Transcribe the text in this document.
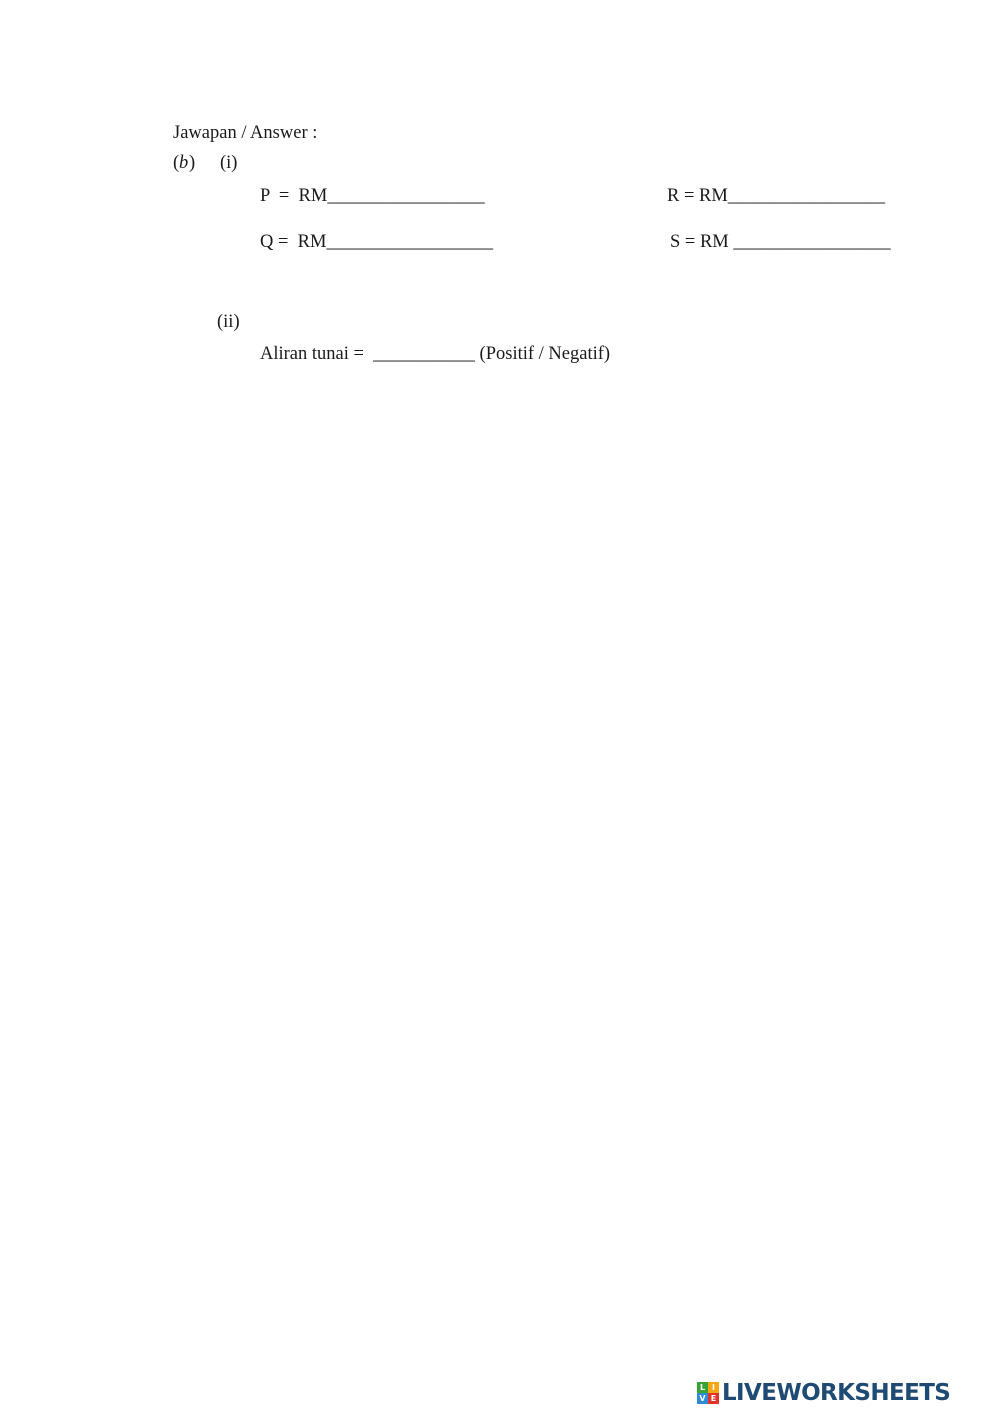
Jawapan / Answer :
( b ) (i)
P  =  RM_________________	R = RM_________________
Q =  RM__________________	S = RM _________________
(ii)
Aliran tunai =  ___________ (Positif / Negatif)
L I
V E LIVEWORKSHEETS
